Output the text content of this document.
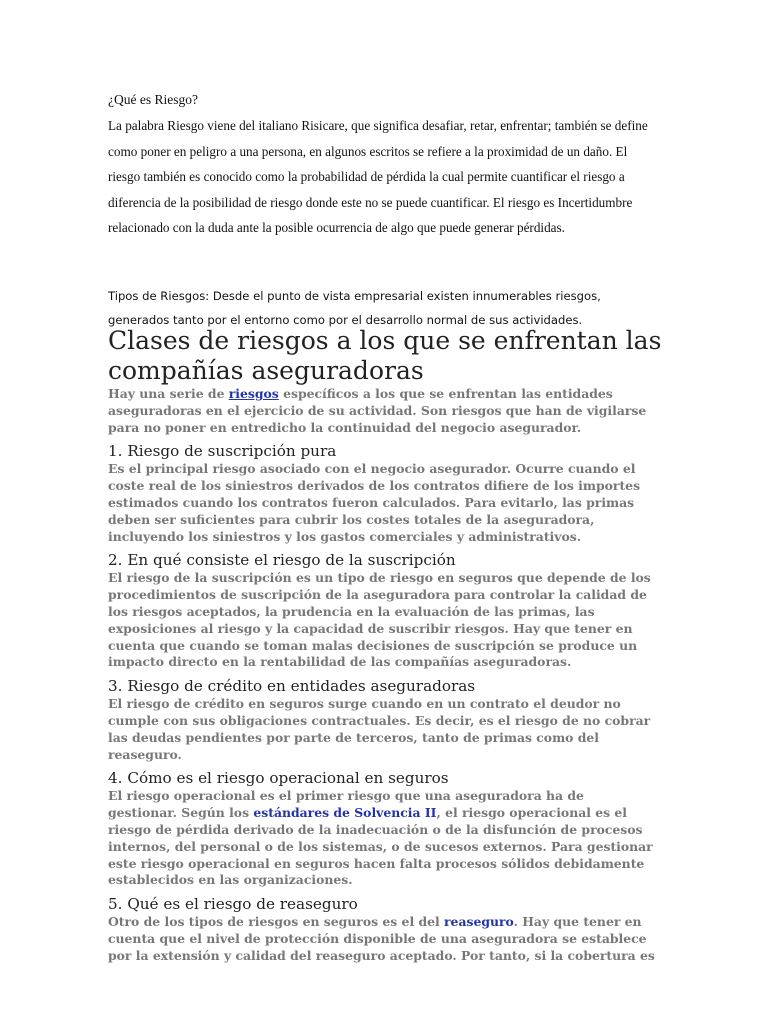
¿Qué es Riesgo?

La palabra Riesgo viene del italiano Risicare, que significa desafiar, retar, enfrentar; también se define como poner en peligro a una persona, en algunos escritos se refiere a la proximidad de un daño. El riesgo también es conocido como la probabilidad de pérdida la cual permite cuantificar el riesgo a diferencia de la posibilidad de riesgo donde este no se puede cuantificar. El riesgo es Incertidumbre relacionado con la duda ante la posible ocurrencia de algo que puede generar pérdidas.

Tipos de Riesgos: Desde el punto de vista empresarial existen innumerables riesgos, generados tanto por el entorno como por el desarrollo normal de sus actividades.

Clases de riesgos a los que se enfrentan las compañías aseguradoras

Hay una serie de riesgos específicos a los que se enfrentan las entidades aseguradoras en el ejercicio de su actividad. Son riesgos que han de vigilarse para no poner en entredicho la continuidad del negocio asegurador.

1. Riesgo de suscripción pura

Es el principal riesgo asociado con el negocio asegurador. Ocurre cuando el coste real de los siniestros derivados de los contratos difiere de los importes estimados cuando los contratos fueron calculados. Para evitarlo, las primas deben ser suficientes para cubrir los costes totales de la aseguradora, incluyendo los siniestros y los gastos comerciales y administrativos.

2. En qué consiste el riesgo de la suscripción

El riesgo de la suscripción es un tipo de riesgo en seguros que depende de los procedimientos de suscripción de la aseguradora para controlar la calidad de los riesgos aceptados, la prudencia en la evaluación de las primas, las exposiciones al riesgo y la capacidad de suscribir riesgos. Hay que tener en cuenta que cuando se toman malas decisiones de suscripción se produce un impacto directo en la rentabilidad de las compañías aseguradoras.

3. Riesgo de crédito en entidades aseguradoras

El riesgo de crédito en seguros surge cuando en un contrato el deudor no cumple con sus obligaciones contractuales. Es decir, es el riesgo de no cobrar las deudas pendientes por parte de terceros, tanto de primas como del reaseguro.

4. Cómo es el riesgo operacional en seguros

El riesgo operacional es el primer riesgo que una aseguradora ha de gestionar. Según los estándares de Solvencia II, el riesgo operacional es el riesgo de pérdida derivado de la inadecuación o de la disfunción de procesos internos, del personal o de los sistemas, o de sucesos externos. Para gestionar este riesgo operacional en seguros hacen falta procesos sólidos debidamente establecidos en las organizaciones.

5. Qué es el riesgo de reaseguro

Otro de los tipos de riesgos en seguros es el del reaseguro. Hay que tener en cuenta que el nivel de protección disponible de una aseguradora se establece por la extensión y calidad del reaseguro aceptado. Por tanto, si la cobertura es
